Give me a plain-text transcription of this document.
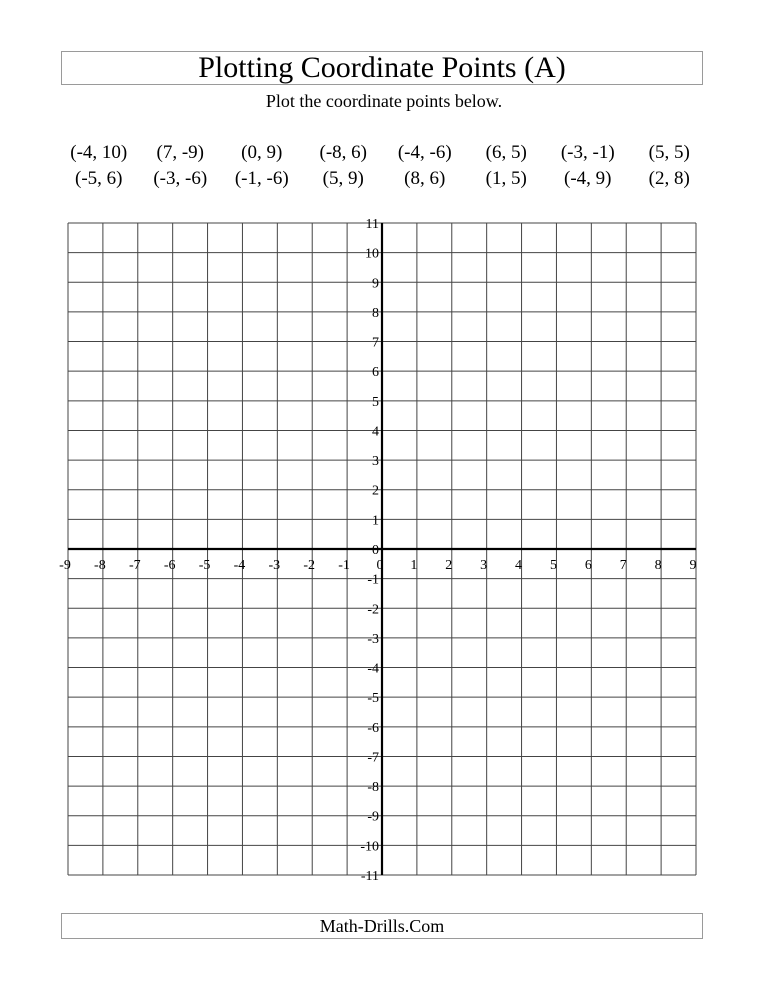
Plotting Coordinate Points (A)
Plot the coordinate points below.
(-4, 10)	(7, -9)	(0, 9)	(-8, 6)	(-4, -6)	(6, 5)	(-3, -1)	(5, 5)
(-5, 6)	(-3, -6)	(-1, -6)	(5, 9)	(8, 6)	(1, 5)	(-4, 9)	(2, 8)
-9 -8 -7 -6 -5 -4 -3 -2 -1 0 1 2 3 4 5 6 7 8 9
11
10
9
8
7
6
5
4
3
2
1
0
-1
-2
-3
-4
-5
-6
-7
-8
-9
-10
-11
Math-Drills.Com
